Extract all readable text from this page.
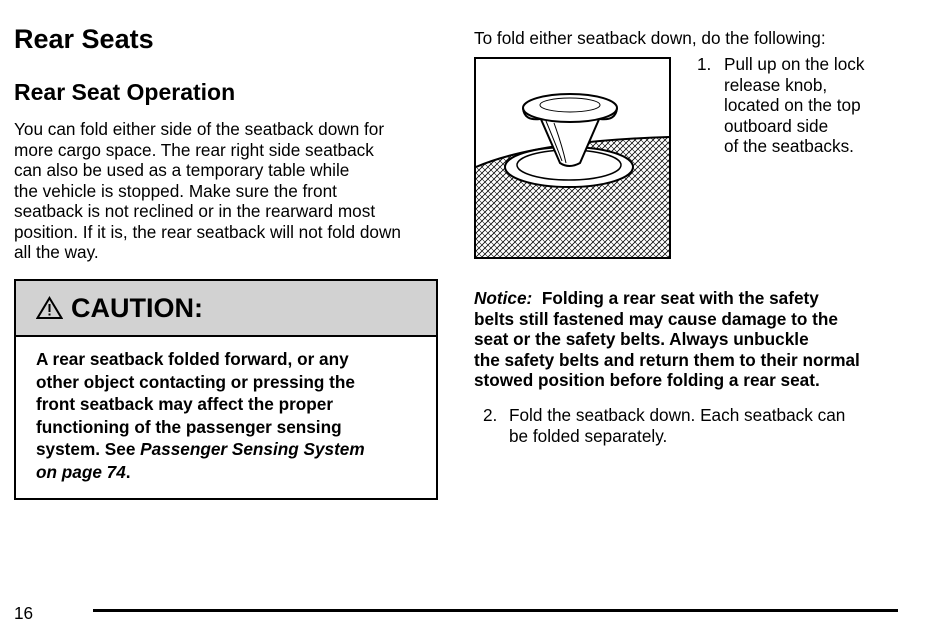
Rear Seats
Rear Seat Operation
You can fold either side of the seatback down for
more cargo space. The rear right side seatback
can also be used as a temporary table while
the vehicle is stopped. Make sure the front
seatback is not reclined or in the rearward most
position. If it is, the rear seatback will not fold down
all the way.
CAUTION:
A rear seatback folded forward, or any
other object contacting or pressing the
front seatback may affect the proper
functioning of the passenger sensing
system. See Passenger Sensing System
on page 74.
To fold either seatback down, do the following:
1. Pull up on the lock
release knob,
located on the top
outboard side
of the seatbacks.
Notice: Folding a rear seat with the safety
belts still fastened may cause damage to the
seat or the safety belts. Always unbuckle
the safety belts and return them to their normal
stowed position before folding a rear seat.
2. Fold the seatback down. Each seatback can
be folded separately.
16
